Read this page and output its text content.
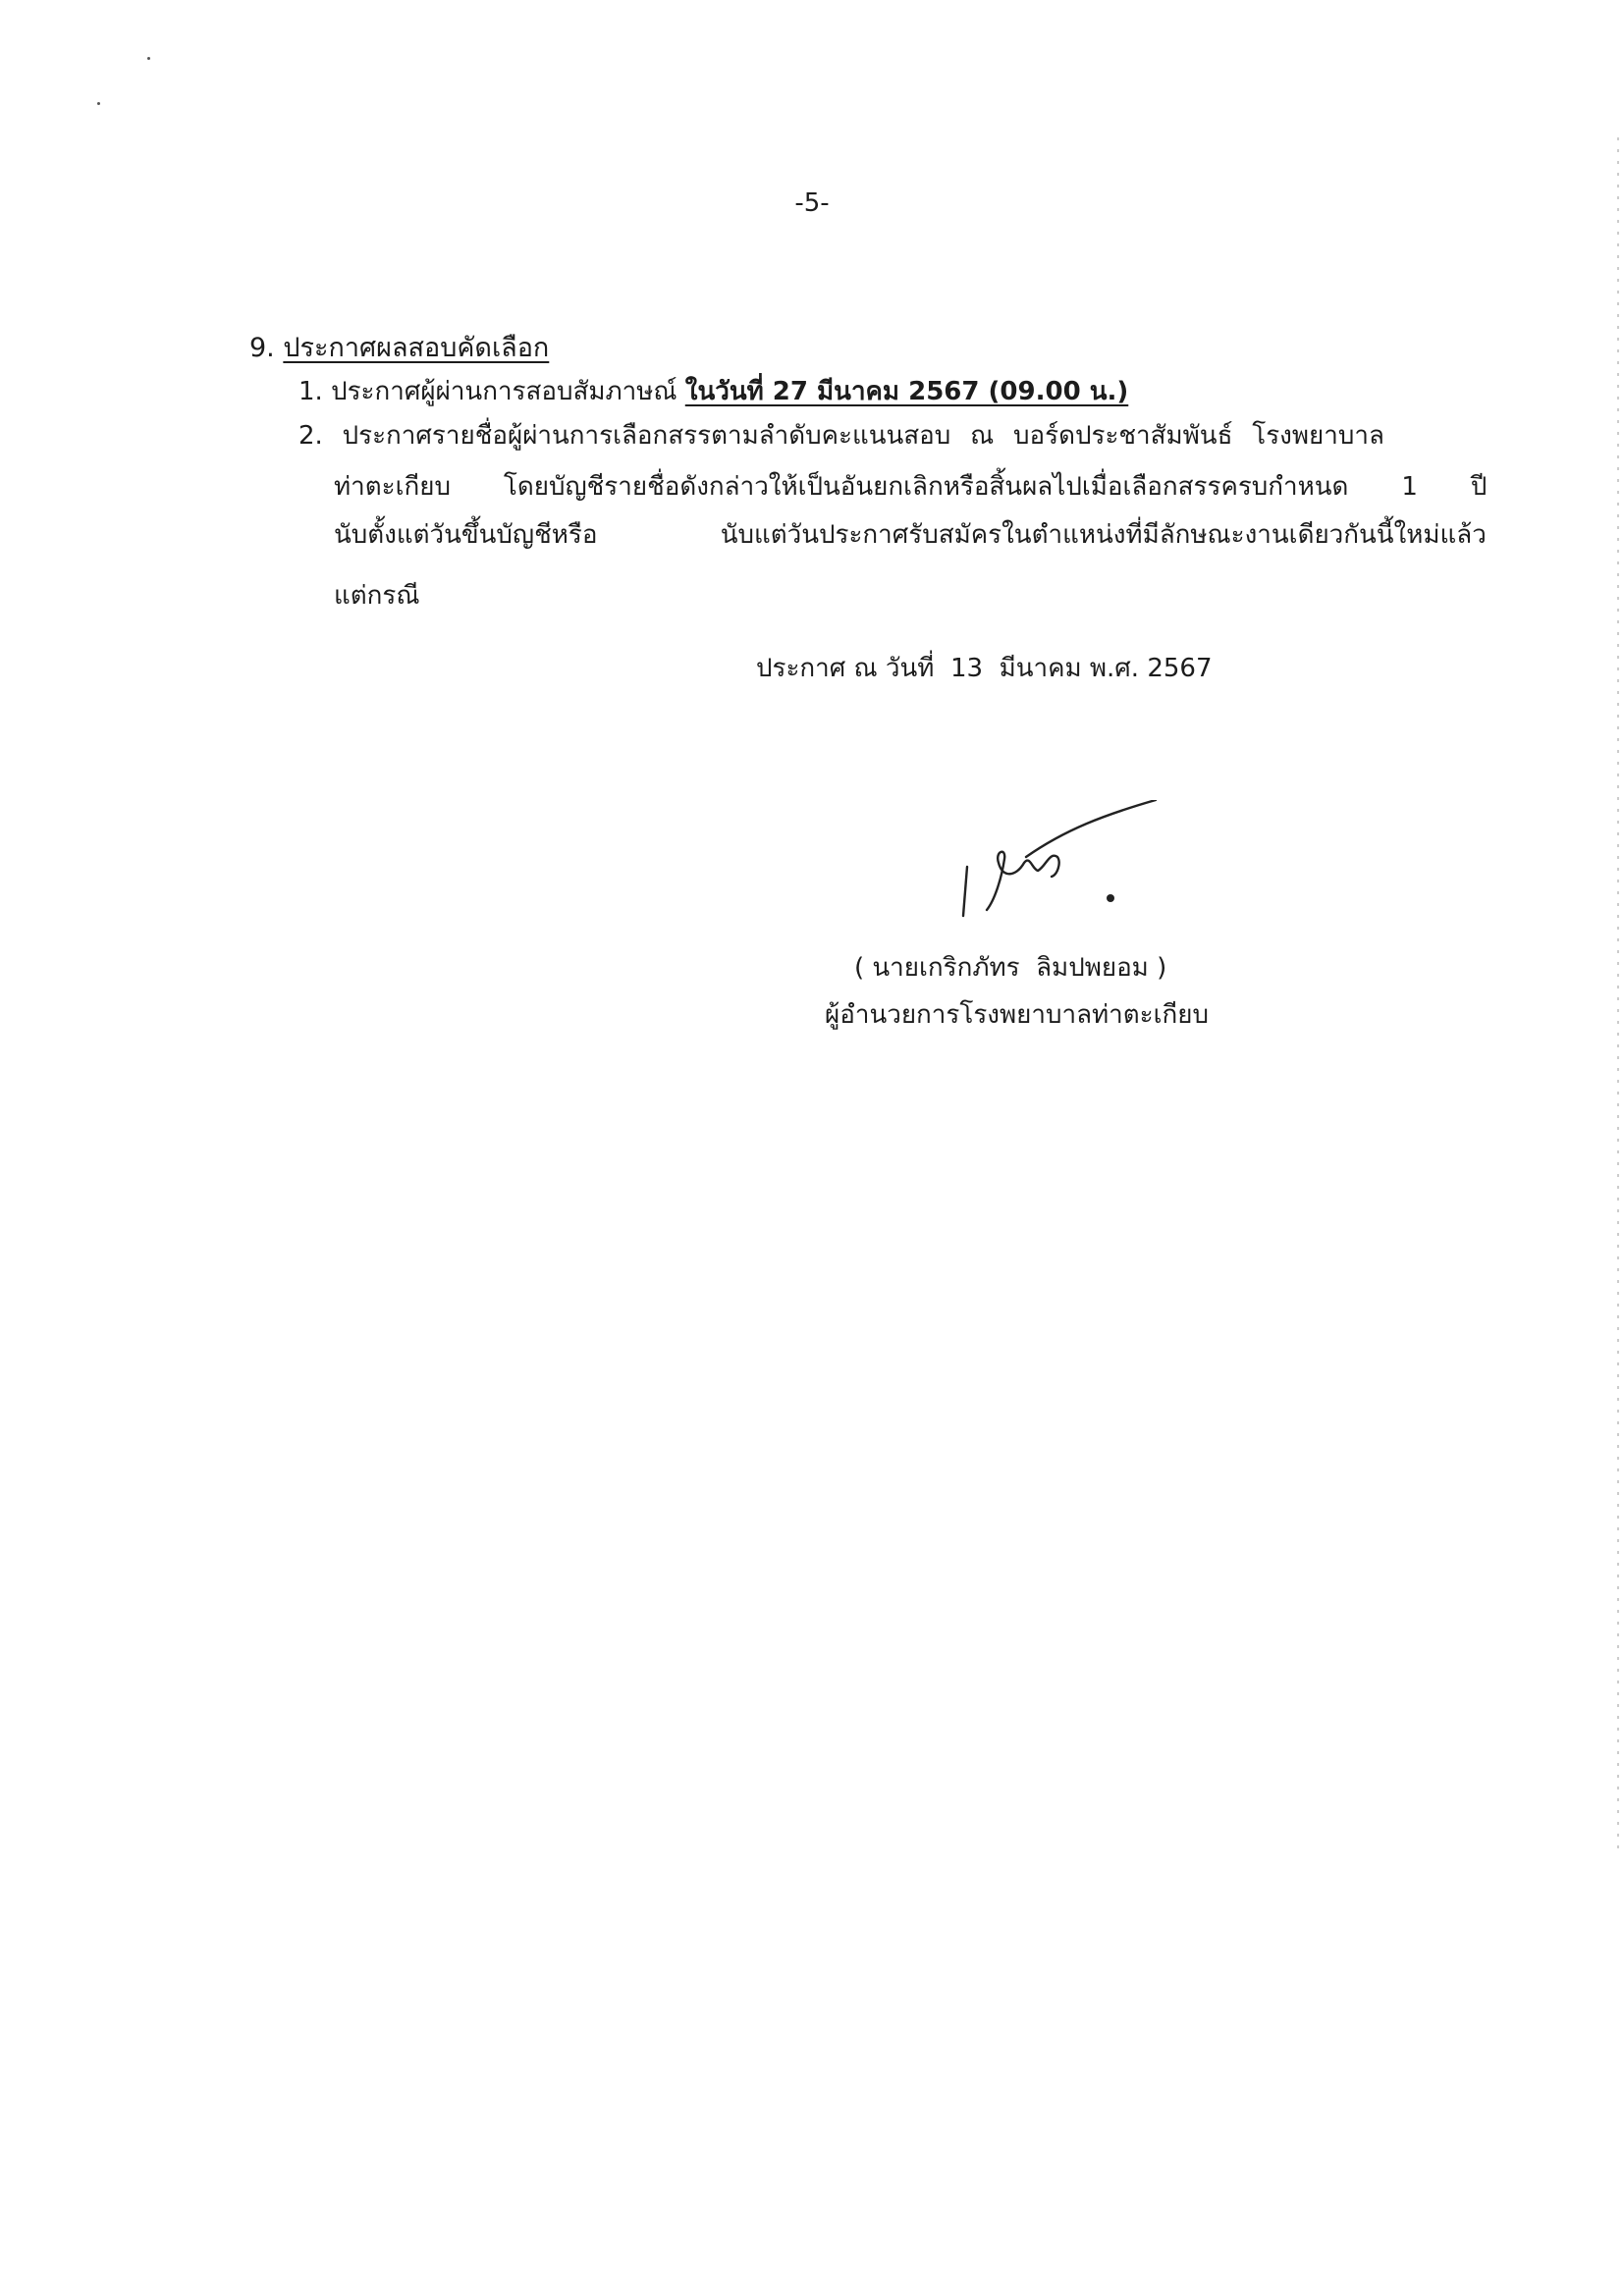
-5-
9. ประกาศผลสอบคัดเลือก
1. ประกาศผู้ผ่านการสอบสัมภาษณ์ ในวันที่ 27 มีนาคม 2567 (09.00 น.)
2. ประกาศรายชื่อผู้ผ่านการเลือกสรรตามลำดับคะแนนสอบ ณ บอร์ดประชาสัมพันธ์ โรงพยาบาล
ท่าตะเกียบ โดยบัญชีรายชื่อดังกล่าวให้เป็นอันยกเลิกหรือสิ้นผลไปเมื่อเลือกสรรครบกำหนด 1 ปี
นับตั้งแต่วันขึ้นบัญชีหรือ นับแต่วันประกาศรับสมัครในตำแหน่งที่มีลักษณะงานเดียวกันนี้ใหม่แล้ว
แต่กรณี
ประกาศ ณ วันที่  13  มีนาคม พ.ศ. 2567
( นายเกริกภัทร  ลิมปพยอม )
ผู้อำนวยการโรงพยาบาลท่าตะเกียบ
